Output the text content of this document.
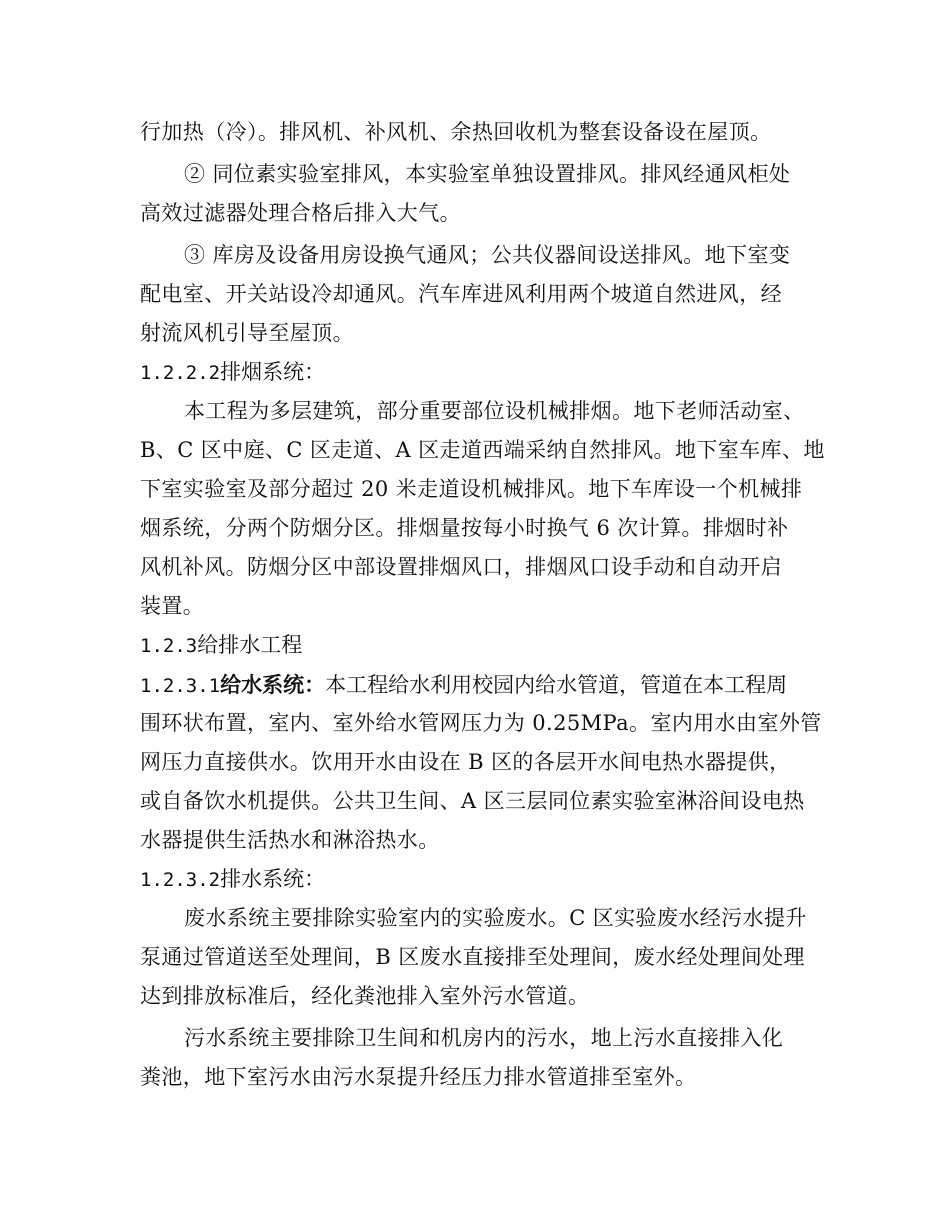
行加热（冷）。排风机、补风机、余热回收机为整套设备设在屋顶。
② 同位素实验室排风，本实验室单独设置排风。排风经通风柜处
高效过滤器处理合格后排入大气。
③ 库房及设备用房设换气通风；公共仪器间设送排风。地下室变
配电室、开关站设冷却通风。汽车库进风利用两个坡道自然进风，经
射流风机引导至屋顶。
1.2.2.2排烟系统：
本工程为多层建筑，部分重要部位设机械排烟。地下老师活动室、
B、C 区中庭、C 区走道、A 区走道西端采纳自然排风。地下室车库、地
下室实验室及部分超过 20 米走道设机械排风。地下车库设一个机械排
烟系统，分两个防烟分区。排烟量按每小时换气 6 次计算。排烟时补
风机补风。防烟分区中部设置排烟风口，排烟风口设手动和自动开启
装置。
1.2.3给排水工程
1.2.3.1给水系统：本工程给水利用校园内给水管道，管道在本工程周
围环状布置，室内、室外给水管网压力为 0.25MPa。室内用水由室外管
网压力直接供水。饮用开水由设在 B 区的各层开水间电热水器提供，
或自备饮水机提供。公共卫生间、A 区三层同位素实验室淋浴间设电热
水器提供生活热水和淋浴热水。
1.2.3.2排水系统：
废水系统主要排除实验室内的实验废水。C 区实验废水经污水提升
泵通过管道送至处理间，B 区废水直接排至处理间，废水经处理间处理
达到排放标准后，经化粪池排入室外污水管道。
污水系统主要排除卫生间和机房内的污水，地上污水直接排入化
粪池，地下室污水由污水泵提升经压力排水管道排至室外。
